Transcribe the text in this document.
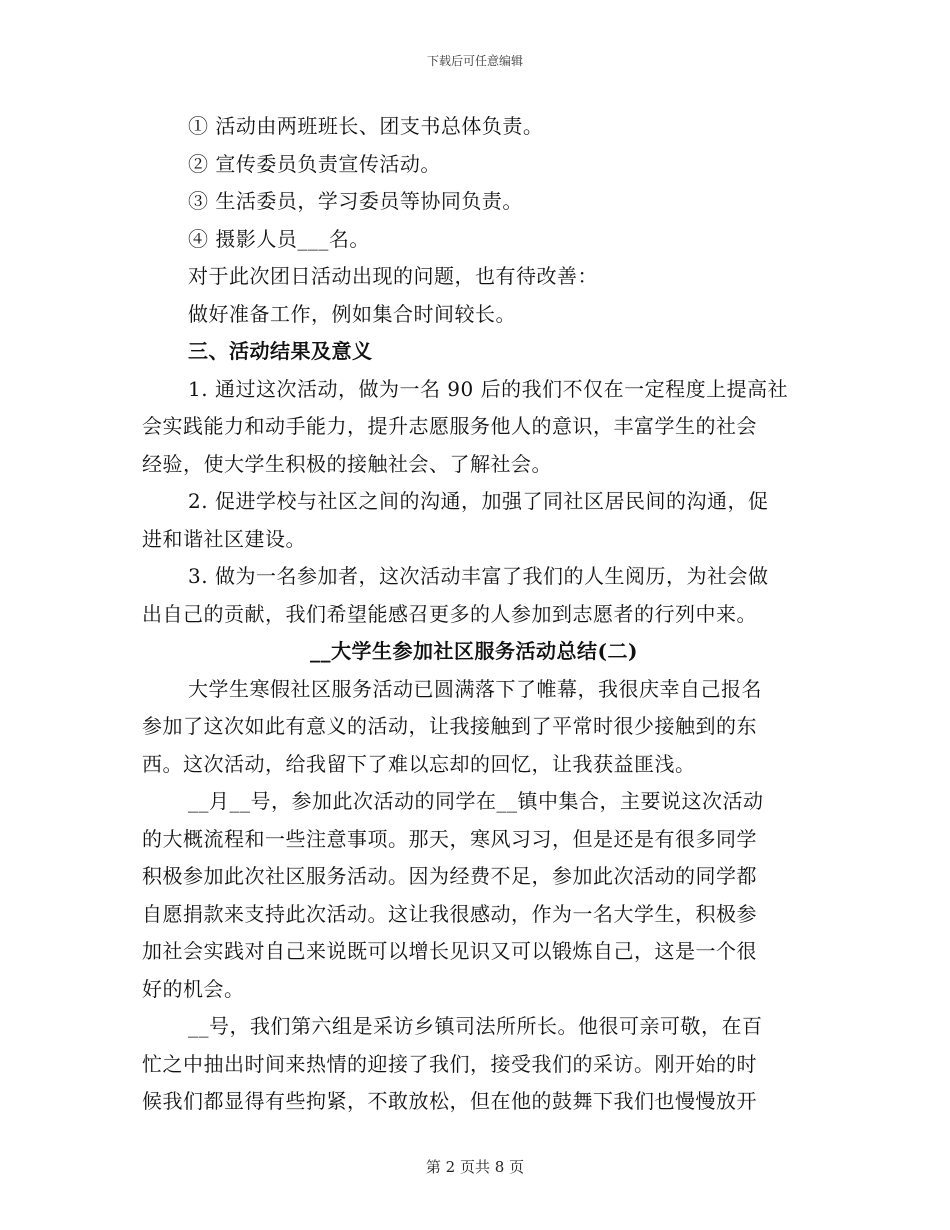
下载后可任意编辑
① 活动由两班班长、团支书总体负责。
② 宣传委员负责宣传活动。
③ 生活委员，学习委员等协同负责。
④ 摄影人员___名。
对于此次团日活动出现的问题，也有待改善：
做好准备工作，例如集合时间较长。
三、活动结果及意义
1. 通过这次活动，做为一名 90 后的我们不仅在一定程度上提高社
会实践能力和动手能力，提升志愿服务他人的意识，丰富学生的社会
经验，使大学生积极的接触社会、了解社会。
2. 促进学校与社区之间的沟通，加强了同社区居民间的沟通，促
进和谐社区建设。
3. 做为一名参加者，这次活动丰富了我们的人生阅历，为社会做
出自己的贡献，我们希望能感召更多的人参加到志愿者的行列中来。
__大学生参加社区服务活动总结(二)
大学生寒假社区服务活动已圆满落下了帷幕，我很庆幸自己报名
参加了这次如此有意义的活动，让我接触到了平常时很少接触到的东
西。这次活动，给我留下了难以忘却的回忆，让我获益匪浅。
__月__号，参加此次活动的同学在__镇中集合，主要说这次活动
的大概流程和一些注意事项。那天，寒风习习，但是还是有很多同学
积极参加此次社区服务活动。因为经费不足，参加此次活动的同学都
自愿捐款来支持此次活动。这让我很感动，作为一名大学生，积极参
加社会实践对自己来说既可以增长见识又可以锻炼自己，这是一个很
好的机会。
__号，我们第六组是采访乡镇司法所所长。他很可亲可敬，在百
忙之中抽出时间来热情的迎接了我们，接受我们的采访。刚开始的时
候我们都显得有些拘紧，不敢放松，但在他的鼓舞下我们也慢慢放开
第 2 页共 8 页
